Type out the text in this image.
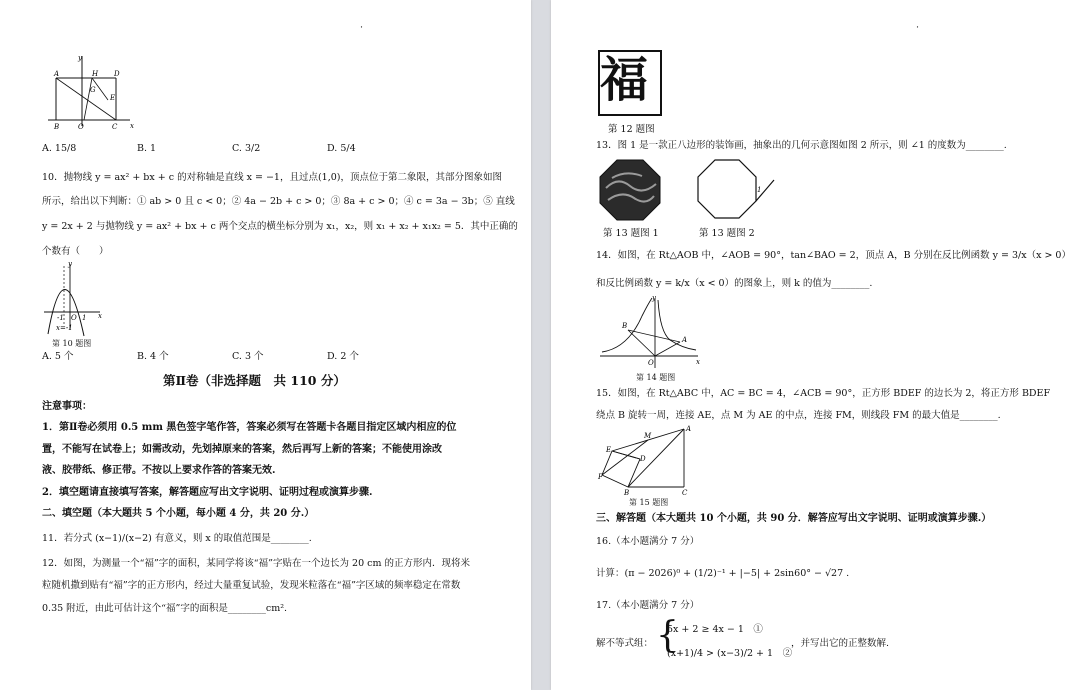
·
A	H D
G
E
B	O	C
y
x
A. 15/8	B. 1	C. 3/2	D. 5/4
10．抛物线 y = ax² + bx + c 的对称轴是直线 x = −1，且过点(1,0)，顶点位于第二象限，其部分图象如图
所示，给出以下判断：① ab > 0 且 c < 0；② 4a − 2b + c > 0；③ 8a + c > 0；④ c = 3a − 3b；⑤ 直线
y = 2x + 2 与抛物线 y = ax² + bx + c 两个交点的横坐标分别为 x₁，x₂，则 x₁ + x₂ + x₁x₂ = 5．其中正确的
个数有（　　）
y
x
-1 O 1
x=-1
第 10 题图
A. 5 个	B. 4 个	C. 3 个	D. 2 个
第Ⅱ卷（非选择题　共 110 分）
注意事项：
1．第Ⅱ卷必须用 0.5 mm 黑色签字笔作答，答案必须写在答题卡各题目指定区域内相应的位
置，不能写在试卷上；如需改动，先划掉原来的答案，然后再写上新的答案；不能使用涂改
液、胶带纸、修正带。不按以上要求作答的答案无效.
2．填空题请直接填写答案，解答题应写出文字说明、证明过程或演算步骤.
二、填空题（本大题共 5 个小题，每小题 4 分，共 20 分.）
11．若分式 (x−1)/(x−2) 有意义，则 x 的取值范围是________.
12．如图，为测量一个“福”字的面积，某同学将该“福”字贴在一个边长为 20 cm 的正方形内．现将米
粒随机撒到贴有“福”字的正方形内，经过大量重复试验，发现米粒落在“福”字区域的频率稳定在常数
0.35 附近，由此可估计这个“福”字的面积是________cm².
·
福
第 12 题图
13．图 1 是一款正八边形的装饰画，抽象出的几何示意图如图 2 所示，则 ∠1 的度数为________.
1
第 13 题图 1	第 13 题图 2
14．如图，在 Rt△AOB 中，∠AOB = 90°，tan∠BAO = 2，顶点 A，B 分别在反比例函数 y = 3/x（x > 0）
和反比例函数 y = k/x（x < 0）的图象上，则 k 的值为________.
y
x
A
B
O
第 14 题图
15．如图，在 Rt△ABC 中，AC = BC = 4，∠ACB = 90°，正方形 BDEF 的边长为 2，将正方形 BDEF
绕点 B 旋转一周，连接 AE，点 M 为 AE 的中点，连接 FM，则线段 FM 的最大值是________.
A
M
E
D
F
B	C
第 15 题图
三、解答题（本大题共 10 个小题，共 90 分．解答应写出文字说明、证明或演算步骤.）
16.（本小题满分 7 分）
计算：(π − 2026)⁰ + (1/2)⁻¹ + |−5| + 2sin60° − √27 .
17.（本小题满分 7 分）
解不等式组： {
5x + 2 ≥ 4x − 1　①
(x+1)/4 > (x−3)/2 + 1　②
，并写出它的正整数解.
